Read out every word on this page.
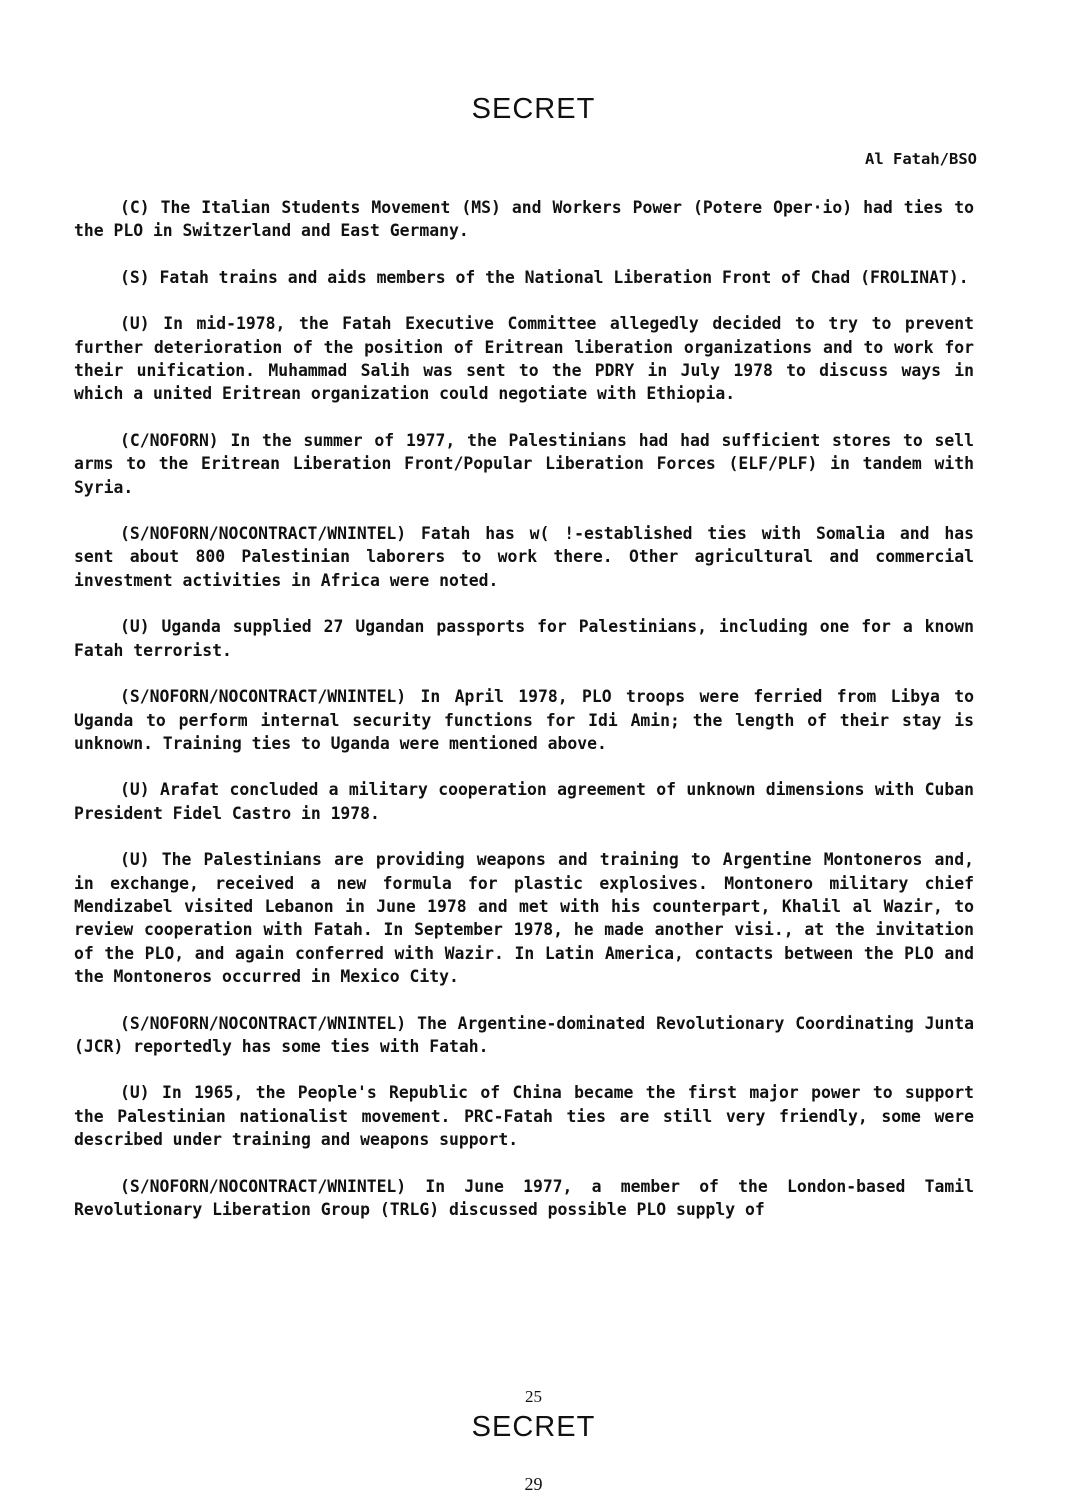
SECRET
Al Fatah/BSO

(C) The Italian Students Movement (MS) and Workers Power (Potere Oper·io) had ties to the PLO in Switzerland and East Germany.

(S) Fatah trains and aids members of the National Liberation Front of Chad (FROLINAT).

(U) In mid-1978, the Fatah Executive Committee allegedly decided to try to prevent further deterioration of the position of Eritrean liberation organizations and to work for their unification. Muhammad Salih was sent to the PDRY in July 1978 to discuss ways in which a united Eritrean organization could negotiate with Ethiopia.

(C/NOFORN) In the summer of 1977, the Palestinians had had sufficient stores to sell arms to the Eritrean Liberation Front/Popular Liberation Forces (ELF/PLF) in tandem with Syria.

(S/NOFORN/NOCONTRACT/WNINTEL) Fatah has w( !-established ties with Somalia and has sent about 800 Palestinian laborers to work there. Other agricultural and commercial investment activities in Africa were noted.

(U) Uganda supplied 27 Ugandan passports for Palestinians, including one for a known Fatah terrorist.

(S/NOFORN/NOCONTRACT/WNINTEL) In April 1978, PLO troops were ferried from Libya to Uganda to perform internal security functions for Idi Amin; the length of their stay is unknown. Training ties to Uganda were mentioned above.

(U) Arafat concluded a military cooperation agreement of unknown dimensions with Cuban President Fidel Castro in 1978.

(U) The Palestinians are providing weapons and training to Argentine Montoneros and, in exchange, received a new formula for plastic explosives. Montonero military chief Mendizabel visited Lebanon in June 1978 and met with his counterpart, Khalil al Wazir, to review cooperation with Fatah. In September 1978, he made another visi., at the invitation of the PLO, and again conferred with Wazir. In Latin America, contacts between the PLO and the Montoneros occurred in Mexico City.

(S/NOFORN/NOCONTRACT/WNINTEL) The Argentine-dominated Revolutionary Coordinating Junta (JCR) reportedly has some ties with Fatah.

(U) In 1965, the People's Republic of China became the first major power to support the Palestinian nationalist movement. PRC-Fatah ties are still very friendly, some were described under training and weapons support.

(S/NOFORN/NOCONTRACT/WNINTEL) In June 1977, a member of the London-based Tamil Revolutionary Liberation Group (TRLG) discussed possible PLO supply of

25
SECRET
29
